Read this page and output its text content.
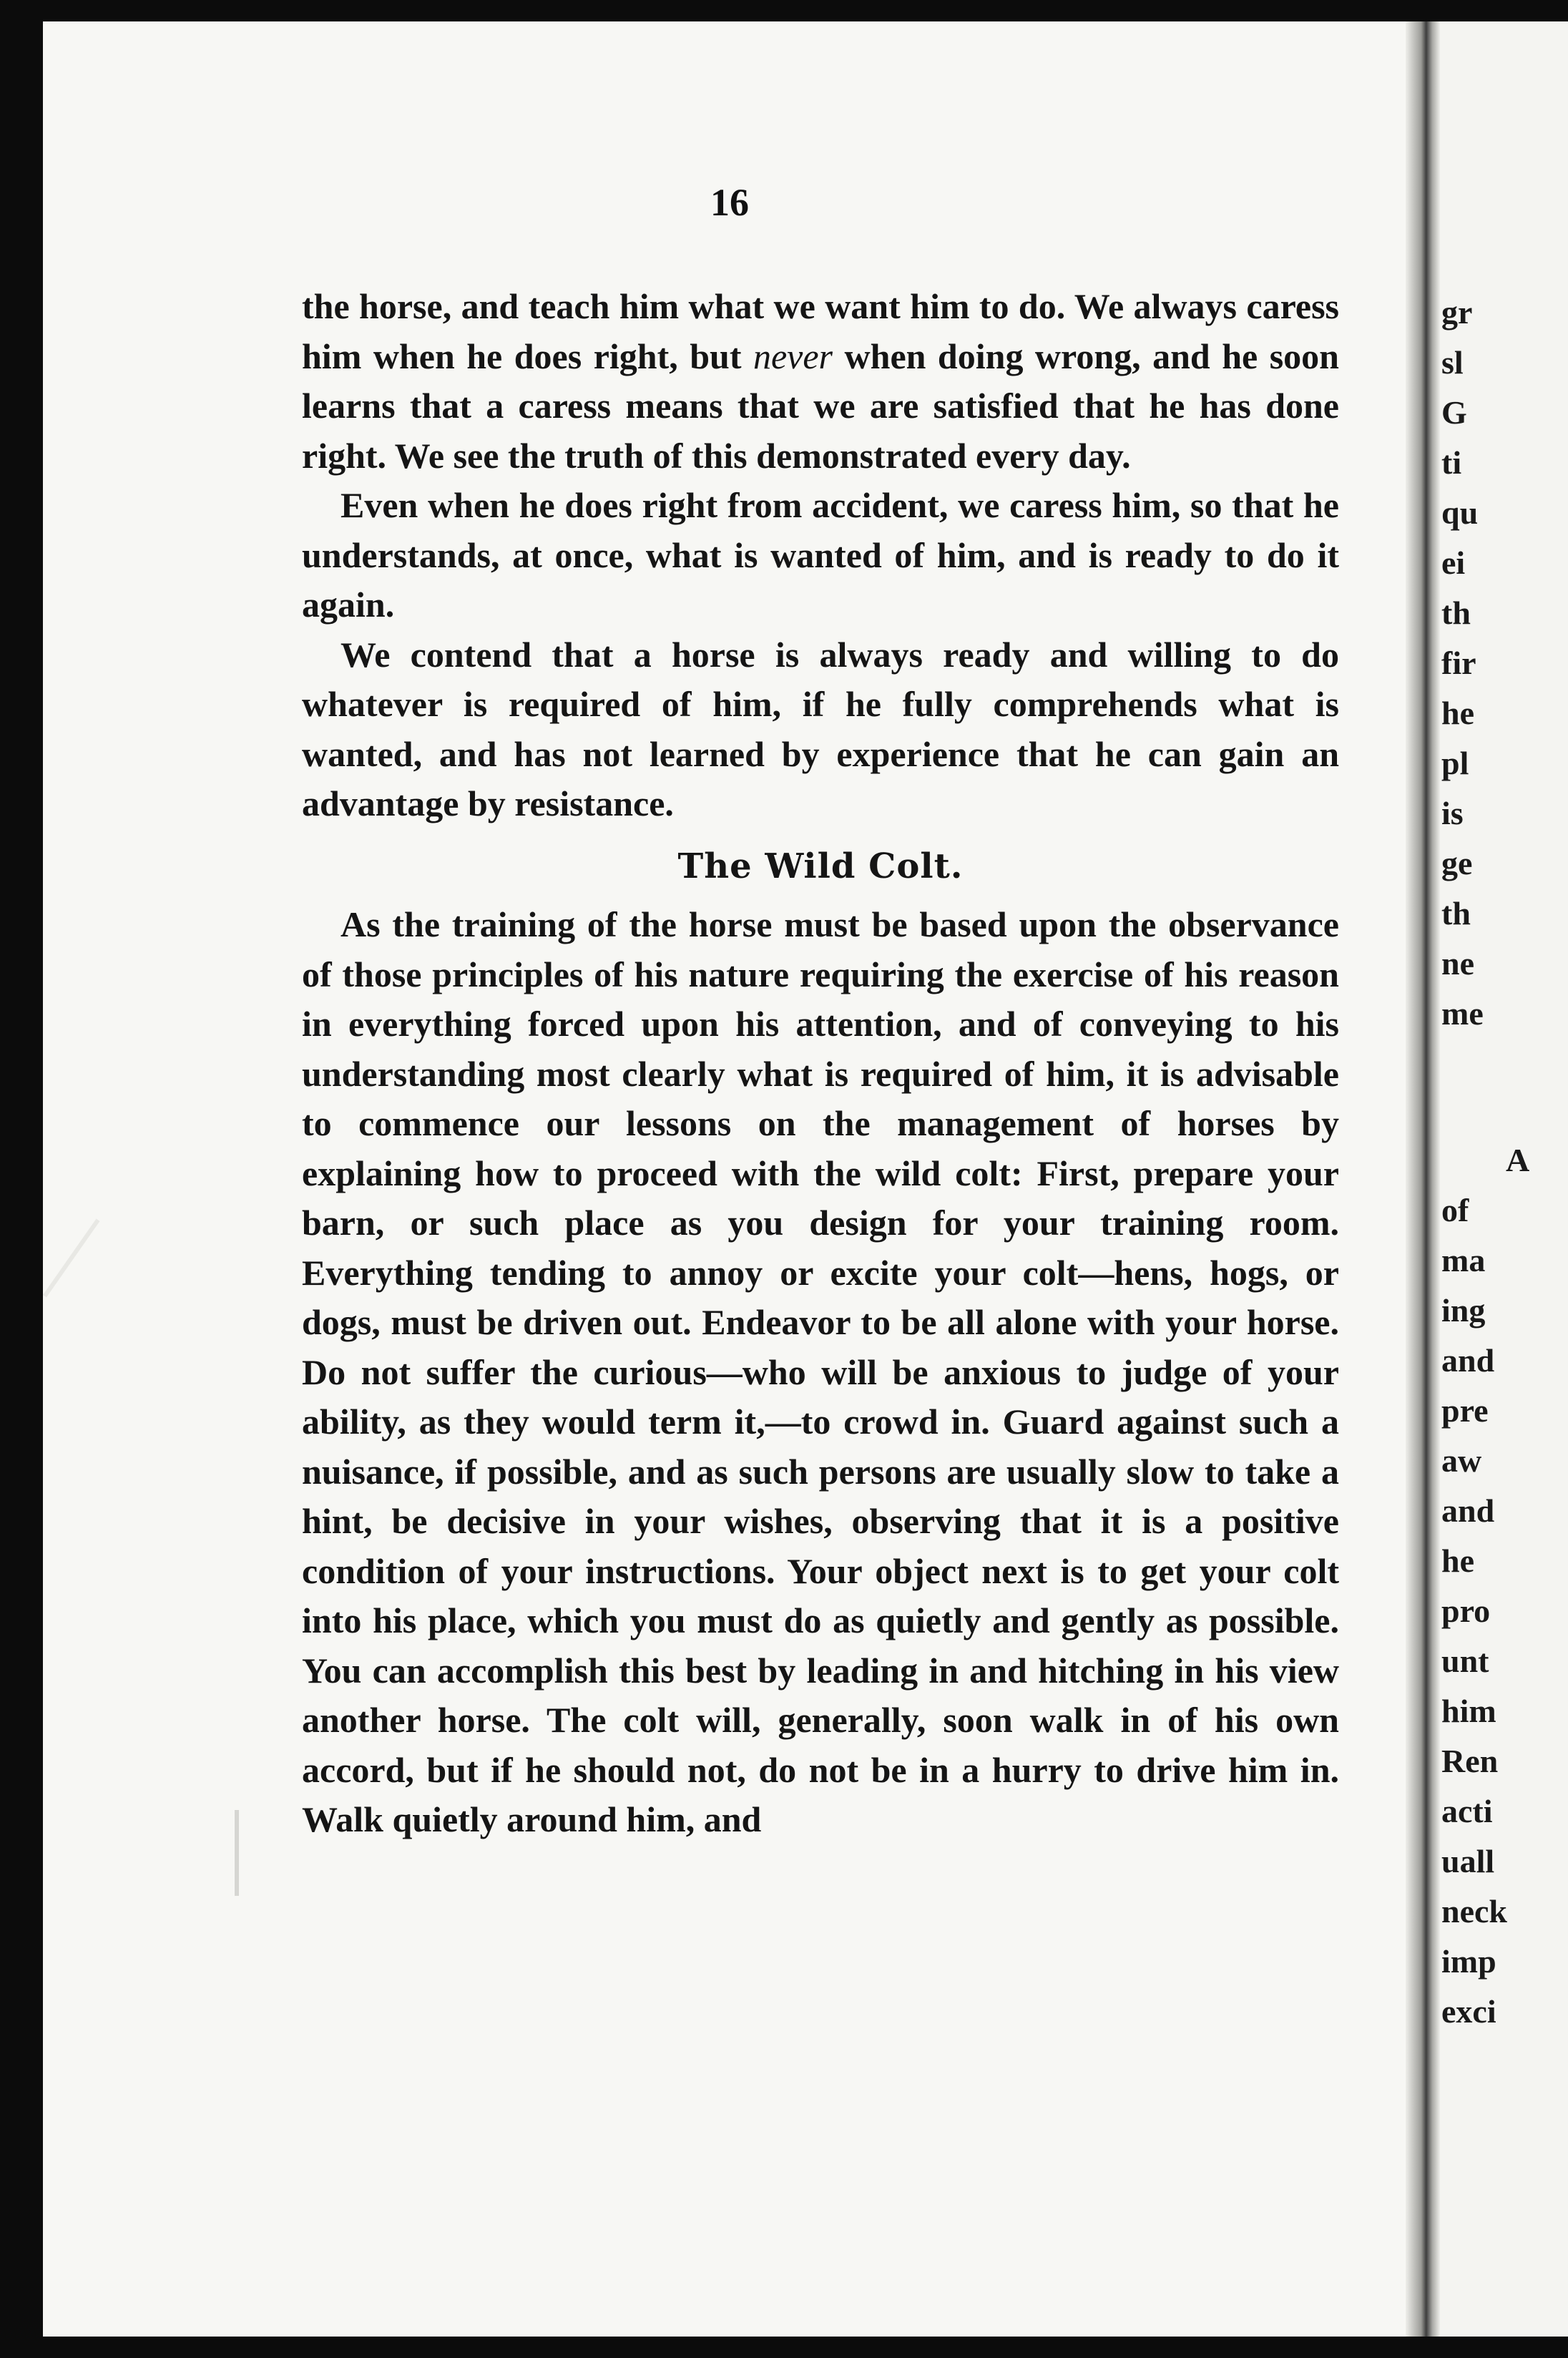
16

the horse, and teach him what we want him to do. We always caress him when he does right, but never when doing wrong, and he soon learns that a caress means that we are satisfied that he has done right. We see the truth of this demonstrated every day.

Even when he does right from accident, we caress him, so that he understands, at once, what is wanted of him, and is ready to do it again.

We contend that a horse is always ready and willing to do whatever is required of him, if he fully comprehends what is wanted, and has not learned by experience that he can gain an advantage by resistance.

The Wild Colt.

As the training of the horse must be based upon the observance of those principles of his nature requiring the exercise of his reason in everything forced upon his attention, and of conveying to his understanding most clearly what is required of him, it is advisable to commence our lessons on the management of horses by explaining how to proceed with the wild colt: First, prepare your barn, or such place as you design for your training room. Everything tending to annoy or excite your colt—hens, hogs, or dogs, must be driven out. Endeavor to be all alone with your horse. Do not suffer the curious—who will be anxious to judge of your ability, as they would term it,—to crowd in. Guard against such a nuisance, if possible, and as such persons are usually slow to take a hint, be decisive in your wishes, observing that it is a positive condition of your instructions. Your object next is to get your colt into his place, which you must do as quietly and gently as possible. You can accomplish this best by leading in and hitching in his view another horse. The colt will, generally, soon walk in of his own accord, but if he should not, do not be in a hurry to drive him in. Walk quietly around him, and

gr
sl
G
ti
qu
ei
th
fir
he
pl
is
ge
th
ne
me
A
of
ma
ing
and
pre
aw
and
he
pro
unt
him
Ren
acti
uall
neck
imp
exci
